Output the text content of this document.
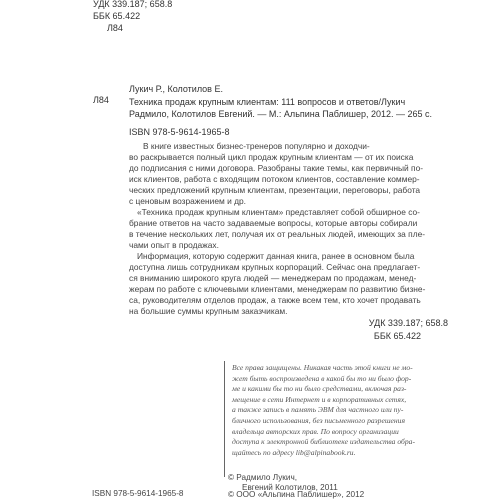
УДК 339.187; 658.8
ББК 65.422
Л84
Л84
Лукич Р., Колотилов Е.
Техника продаж крупным клиентам: 111 вопросов и ответов/Лукич
Радмило, Колотилов Евгений. — М.: Альпина Паблишер, 2012. — 265 с.
ISBN 978-5-9614-1965-8
В книге известных бизнес-тренеров популярно и доходчи-
во раскрывается полный цикл продаж крупным клиентам — от их поиска
до подписания с ними договора. Разобраны такие темы, как первичный по-
иск клиентов, работа с входящим потоком клиентов, составление коммер-
ческих предложений крупным клиентам, презентации, переговоры, работа
с ценовым возражением и др.
«Техника продаж крупным клиентам» представляет собой обширное со-
брание ответов на часто задаваемые вопросы, которые авторы собирали
в течение нескольких лет, получая их от реальных людей, имеющих за пле-
чами опыт в продажах.
Информация, которую содержит данная книга, ранее в основном была
доступна лишь сотрудникам крупных корпораций. Сейчас она предлагает-
ся вниманию широкого круга людей — менеджерам по продажам, менед-
жерам по работе с ключевыми клиентами, менеджерам по развитию бизне-
са, руководителям отделов продаж, а также всем тем, кто хочет продавать
на большие суммы крупным заказчикам.
УДК 339.187; 658.8
ББК 65.422
Все права защищены. Никакая часть этой книги не мо-
жет быть воспроизведена в какой бы то ни было фор-
ме и какими бы то ни было средствами, включая раз-
мещение в сети Интернет и в корпоративных сетях,
а также запись в память ЭВМ для частного или пу-
бличного использования, без письменного разрешения
владельца авторских прав. По вопросу организации
доступа к электронной библиотеке издательства обра-
щайтесь по адресу lib@alpinabook.ru.
ISBN 978-5-9614-1965-8
© Радмило Лукич,
Евгений Колотилов, 2011
© ООО «Альпина Паблишер», 2012
